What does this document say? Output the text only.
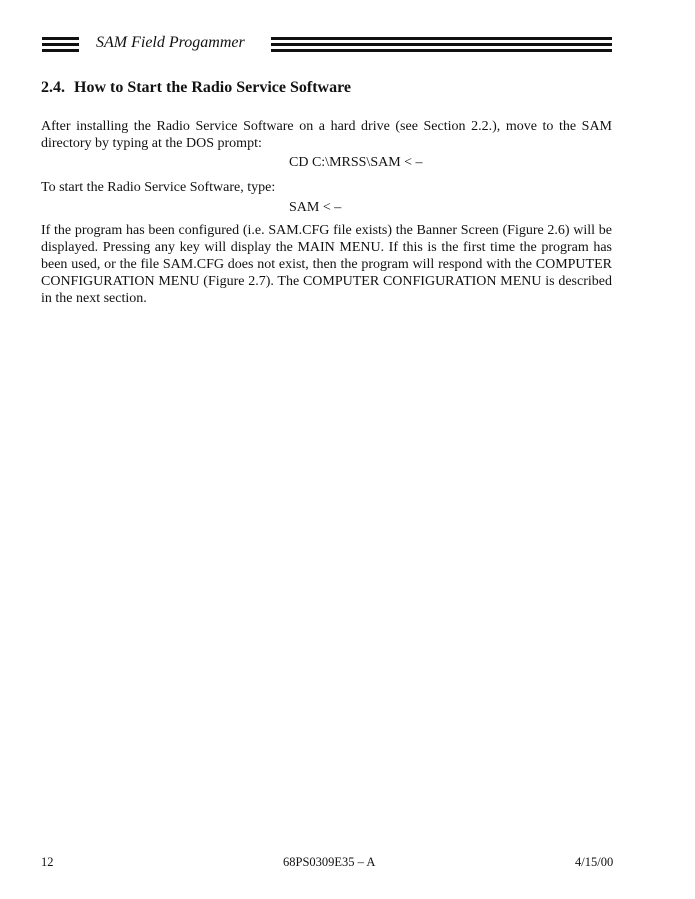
SAM Field Progammer
2.4. How to Start the Radio Service Software
After installing the Radio Service Software on a hard drive (see Section 2.2.), move to the SAM directory by typing at the DOS prompt:
CD C:\MRSS\SAM < –
To start the Radio Service Software, type:
SAM < –
If the program has been configured (i.e. SAM.CFG file exists) the Banner Screen (Figure 2.6) will be displayed. Pressing any key will display the MAIN MENU. If this is the first time the program has been used, or the file SAM.CFG does not exist, then the program will respond with the COMPUTER CONFIGURATION MENU (Figure 2.7). The COMPUTER CONFIGURATION MENU is described in the next section.
12	68PS0309E35 – A	4/15/00
